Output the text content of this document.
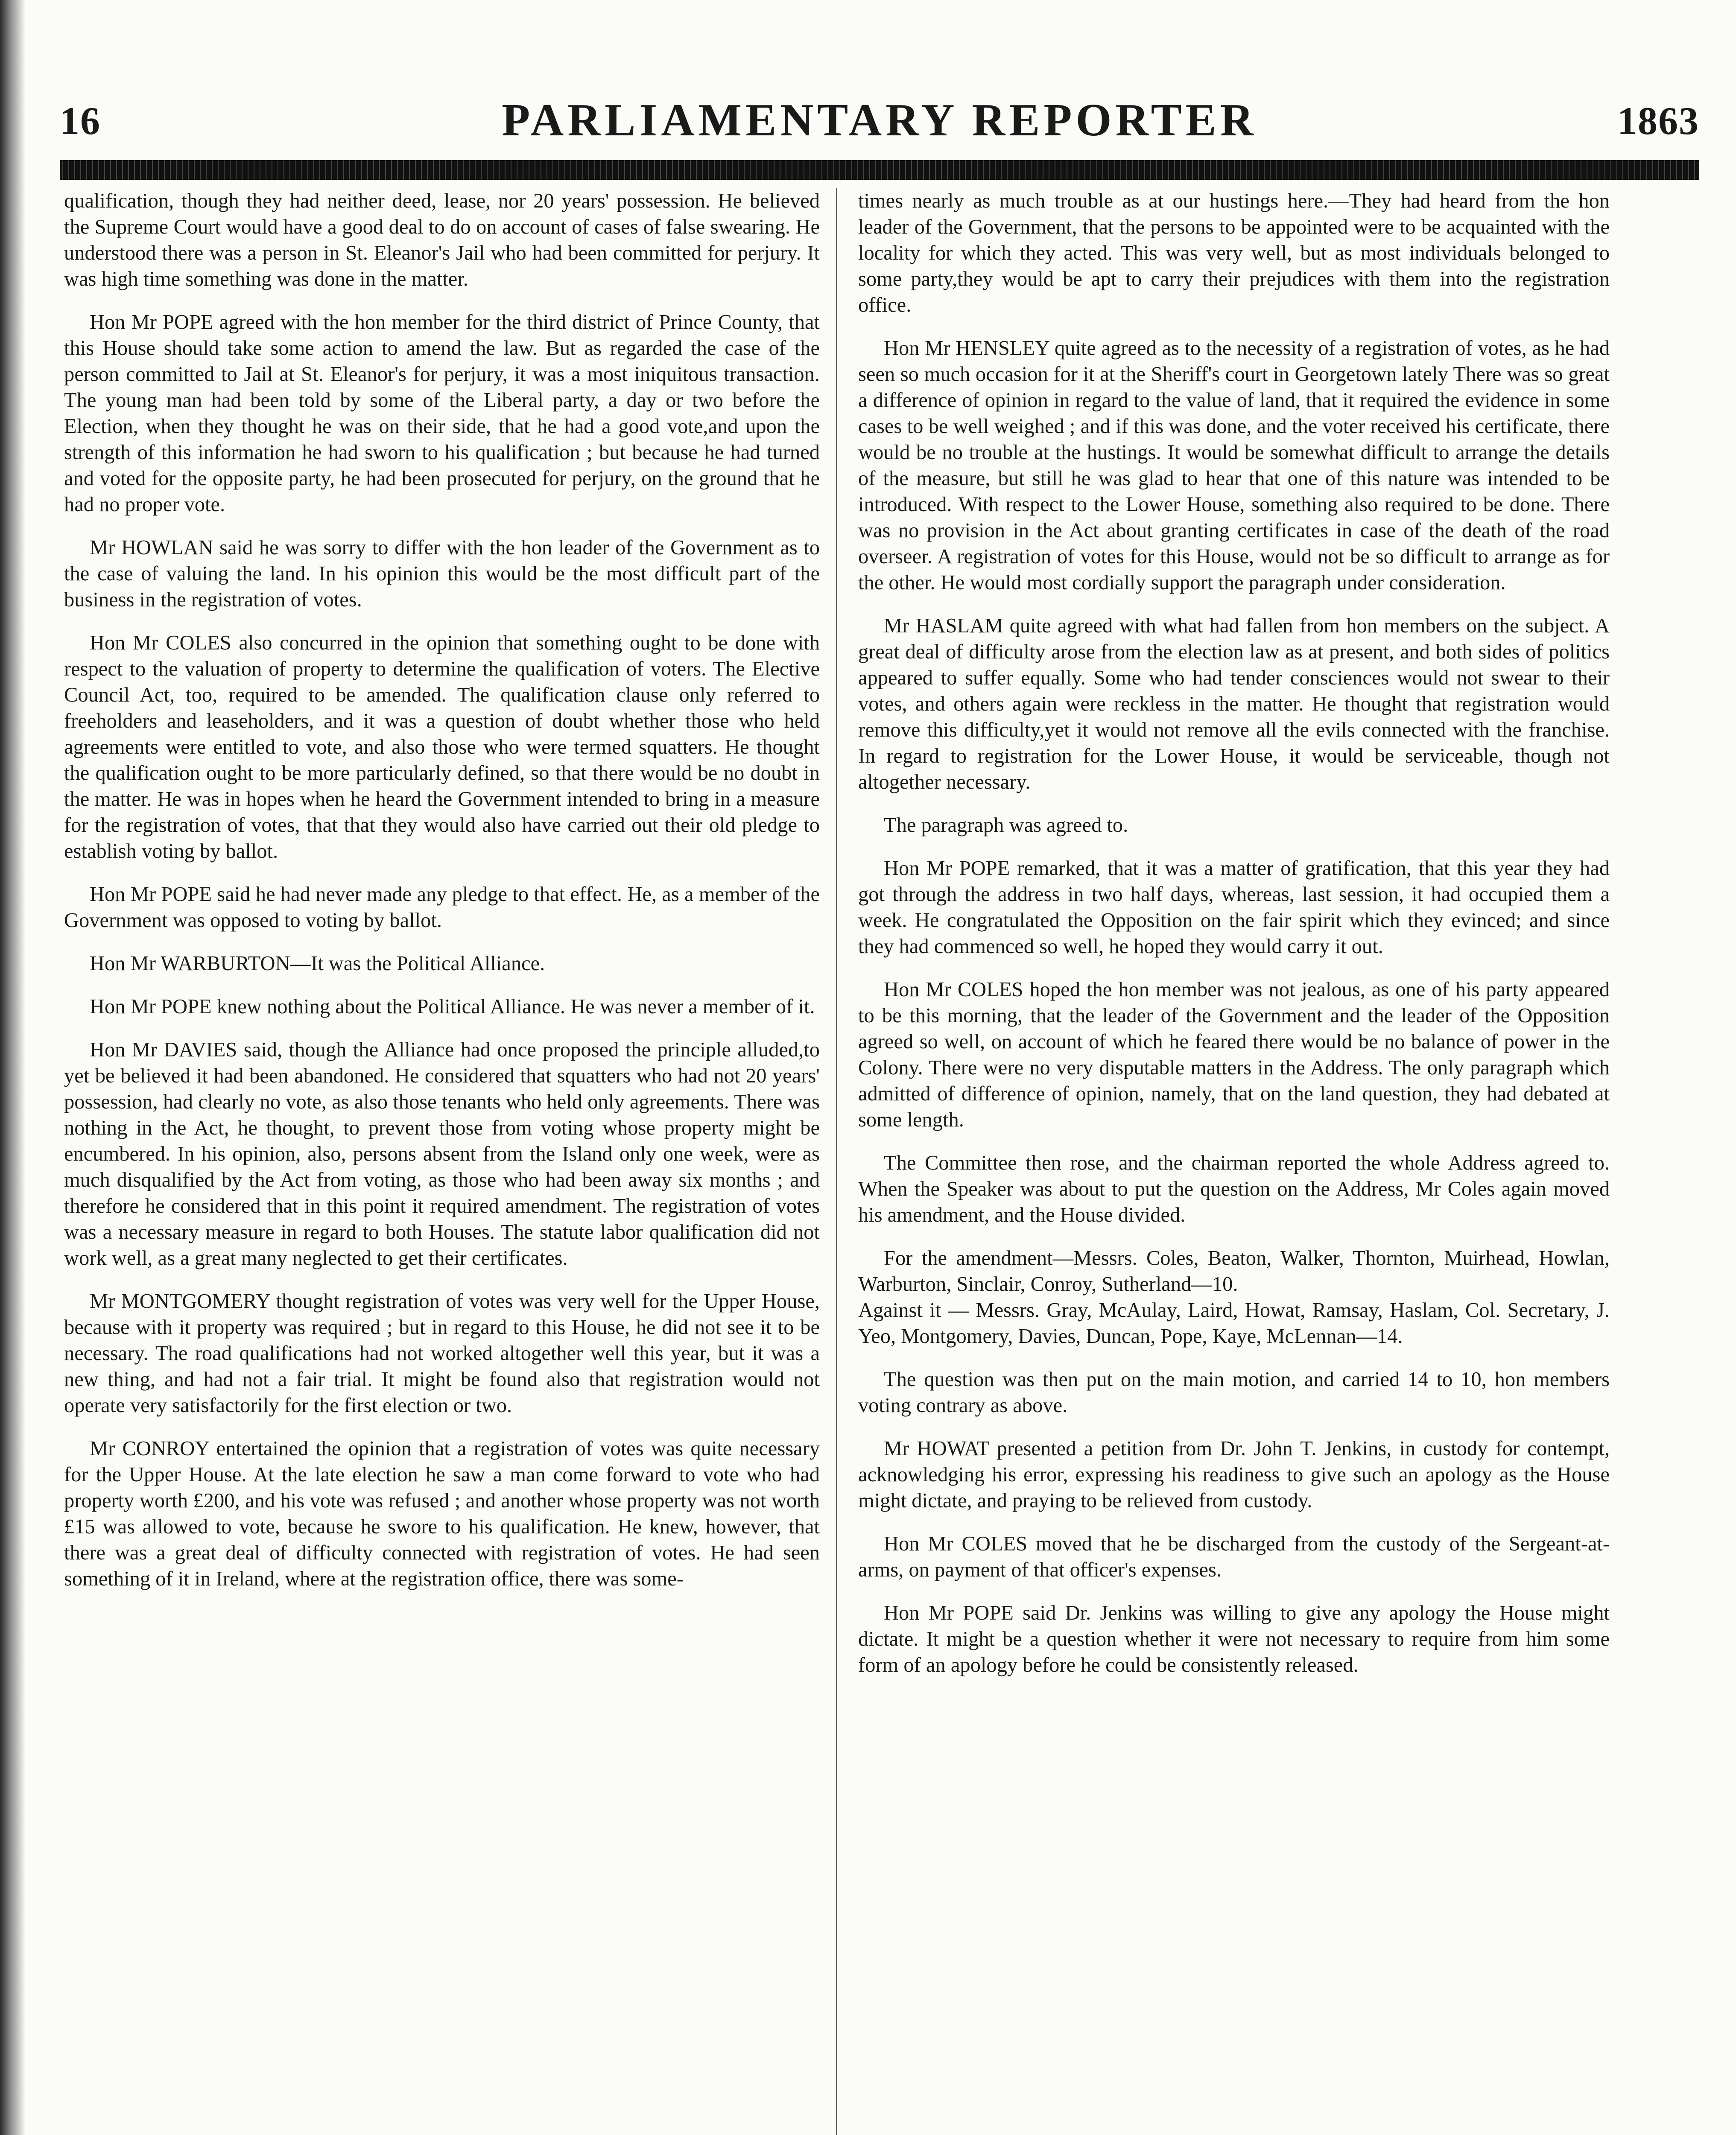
16	PARLIAMENTARY REPORTER	1863

qualification, though they had neither deed, lease, nor 20 years' possession. He believed the Supreme Court would have a good deal to do on account of cases of false swearing. He understood there was a person in St. Eleanor's Jail who had been committed for perjury. It was high time something was done in the matter.

Hon Mr POPE agreed with the hon member for the third district of Prince County, that this House should take some action to amend the law. But as regarded the case of the person committed to Jail at St. Eleanor's for perjury, it was a most iniquitous transaction. The young man had been told by some of the Liberal party, a day or two before the Election, when they thought he was on their side, that he had a good vote,and upon the strength of this information he had sworn to his qualification ; but because he had turned and voted for the opposite party, he had been prosecuted for perjury, on the ground that he had no proper vote.

Mr HOWLAN said he was sorry to differ with the hon leader of the Government as to the case of valuing the land. In his opinion this would be the most difficult part of the business in the registration of votes.

Hon Mr COLES also concurred in the opinion that something ought to be done with respect to the valuation of property to determine the qualification of voters. The Elective Council Act, too, required to be amended. The qualification clause only referred to freeholders and leaseholders, and it was a question of doubt whether those who held agreements were entitled to vote, and also those who were termed squatters. He thought the qualification ought to be more particularly defined, so that there would be no doubt in the matter. He was in hopes when he heard the Government intended to bring in a measure for the registration of votes, that that they would also have carried out their old pledge to establish voting by ballot.

Hon Mr POPE said he had never made any pledge to that effect. He, as a member of the Government was opposed to voting by ballot.

Hon Mr WARBURTON—It was the Political Alliance.

Hon Mr POPE knew nothing about the Political Alliance. He was never a member of it.

Hon Mr DAVIES said, though the Alliance had once proposed the principle alluded,to yet be believed it had been abandoned. He considered that squatters who had not 20 years' possession, had clearly no vote, as also those tenants who held only agreements. There was nothing in the Act, he thought, to prevent those from voting whose property might be encumbered. In his opinion, also, persons absent from the Island only one week, were as much disqualified by the Act from voting, as those who had been away six months ; and therefore he considered that in this point it required amendment. The registration of votes was a necessary measure in regard to both Houses. The statute labor qualification did not work well, as a great many neglected to get their certificates.

Mr MONTGOMERY thought registration of votes was very well for the Upper House, because with it property was required ; but in regard to this House, he did not see it to be necessary. The road qualifications had not worked altogether well this year, but it was a new thing, and had not a fair trial. It might be found also that registration would not operate very satisfactorily for the first election or two.

Mr CONROY entertained the opinion that a registration of votes was quite necessary for the Upper House. At the late election he saw a man come forward to vote who had property worth £200, and his vote was refused ; and another whose property was not worth £15 was allowed to vote, because he swore to his qualification. He knew, however, that there was a great deal of difficulty connected with registration of votes. He had seen something of it in Ireland, where at the registration office, there was some-

times nearly as much trouble as at our hustings here.—They had heard from the hon leader of the Government, that the persons to be appointed were to be acquainted with the locality for which they acted. This was very well, but as most individuals belonged to some party,they would be apt to carry their prejudices with them into the registration office.

Hon Mr HENSLEY quite agreed as to the necessity of a registration of votes, as he had seen so much occasion for it at the Sheriff's court in Georgetown lately There was so great a difference of opinion in regard to the value of land, that it required the evidence in some cases to be well weighed ; and if this was done, and the voter received his certificate, there would be no trouble at the hustings. It would be somewhat difficult to arrange the details of the measure, but still he was glad to hear that one of this nature was intended to be introduced. With respect to the Lower House, something also required to be done. There was no provision in the Act about granting certificates in case of the death of the road overseer. A registration of votes for this House, would not be so difficult to arrange as for the other. He would most cordially support the paragraph under consideration.

Mr HASLAM quite agreed with what had fallen from hon members on the subject. A great deal of difficulty arose from the election law as at present, and both sides of politics appeared to suffer equally. Some who had tender consciences would not swear to their votes, and others again were reckless in the matter. He thought that registration would remove this difficulty,yet it would not remove all the evils connected with the franchise. In regard to registration for the Lower House, it would be serviceable, though not altogether necessary.

The paragraph was agreed to.

Hon Mr POPE remarked, that it was a matter of gratification, that this year they had got through the address in two half days, whereas, last session, it had occupied them a week. He congratulated the Opposition on the fair spirit which they evinced; and since they had commenced so well, he hoped they would carry it out.

Hon Mr COLES hoped the hon member was not jealous, as one of his party appeared to be this morning, that the leader of the Government and the leader of the Opposition agreed so well, on account of which he feared there would be no balance of power in the Colony. There were no very disputable matters in the Address. The only paragraph which admitted of difference of opinion, namely, that on the land question, they had debated at some length.

The Committee then rose, and the chairman reported the whole Address agreed to. When the Speaker was about to put the question on the Address, Mr Coles again moved his amendment, and the House divided.

For the amendment—Messrs. Coles, Beaton, Walker, Thornton, Muirhead, Howlan, Warburton, Sinclair, Conroy, Sutherland—10.
Against it — Messrs. Gray, McAulay, Laird, Howat, Ramsay, Haslam, Col. Secretary, J. Yeo, Montgomery, Davies, Duncan, Pope, Kaye, McLennan—14.

The question was then put on the main motion, and carried 14 to 10, hon members voting contrary as above.

Mr HOWAT presented a petition from Dr. John T. Jenkins, in custody for contempt, acknowledging his error, expressing his readiness to give such an apology as the House might dictate, and praying to be relieved from custody.

Hon Mr COLES moved that he be discharged from the custody of the Sergeant-at-arms, on payment of that officer's expenses.

Hon Mr POPE said Dr. Jenkins was willing to give any apology the House might dictate. It might be a question whether it were not necessary to require from him some form of an apology before he could be consistently released.
